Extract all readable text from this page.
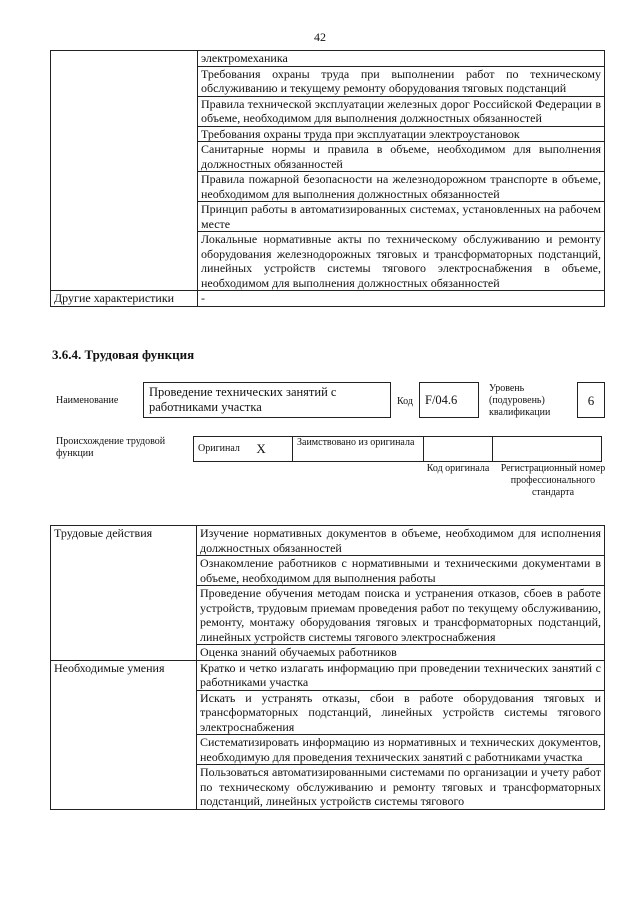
42
	электромеханика
	Требования охраны труда при выполнении работ по техническому обслуживанию и текущему ремонту оборудования тяговых подстанций
	Правила технической эксплуатации железных дорог Российской Федерации в объеме, необходимом для выполнения должностных обязанностей
	Требования охраны труда при эксплуатации электроустановок
	Санитарные нормы и правила в объеме, необходимом для выполнения должностных обязанностей
	Правила пожарной безопасности на железнодорожном транспорте в объеме, необходимом для выполнения должностных обязанностей
	Принцип работы в автоматизированных системах, установленных на рабочем месте
	Локальные нормативные акты по техническому обслуживанию и ремонту оборудования железнодорожных тяговых и трансформаторных подстанций, линейных устройств системы тягового электроснабжения в объеме, необходимом для выполнения должностных обязанностей
Другие характеристики	-
3.6.4. Трудовая функция
Наименование
Проведение технических занятий с работниками участка	Код F/04.6
Уровень (подуровень) квалификации
6
Происхождение трудовой функции	Оригинал X	Заимствовано из оригинала		
Код оригинала Регистрационный номер профессионального стандарта
Трудовые действия	Изучение нормативных документов в объеме, необходимом для исполнения должностных обязанностей
	Ознакомление работников с нормативными и техническими документами в объеме, необходимом для выполнения работы
	Проведение обучения методам поиска и устранения отказов, сбоев в работе устройств, трудовым приемам проведения работ по текущему обслуживанию, ремонту, монтажу оборудования тяговых и трансформаторных подстанций, линейных устройств системы тягового электроснабжения
	Оценка знаний обучаемых работников
Необходимые умения	Кратко и четко излагать информацию при проведении технических занятий с работниками участка
	Искать и устранять отказы, сбои в работе оборудования тяговых и трансформаторных подстанций, линейных устройств системы тягового электроснабжения
	Систематизировать информацию из нормативных и технических документов, необходимую для проведения технических занятий с работниками участка
	Пользоваться автоматизированными системами по организации и учету работ по техническому обслуживанию и ремонту тяговых и трансформаторных подстанций, линейных устройств системы тягового
